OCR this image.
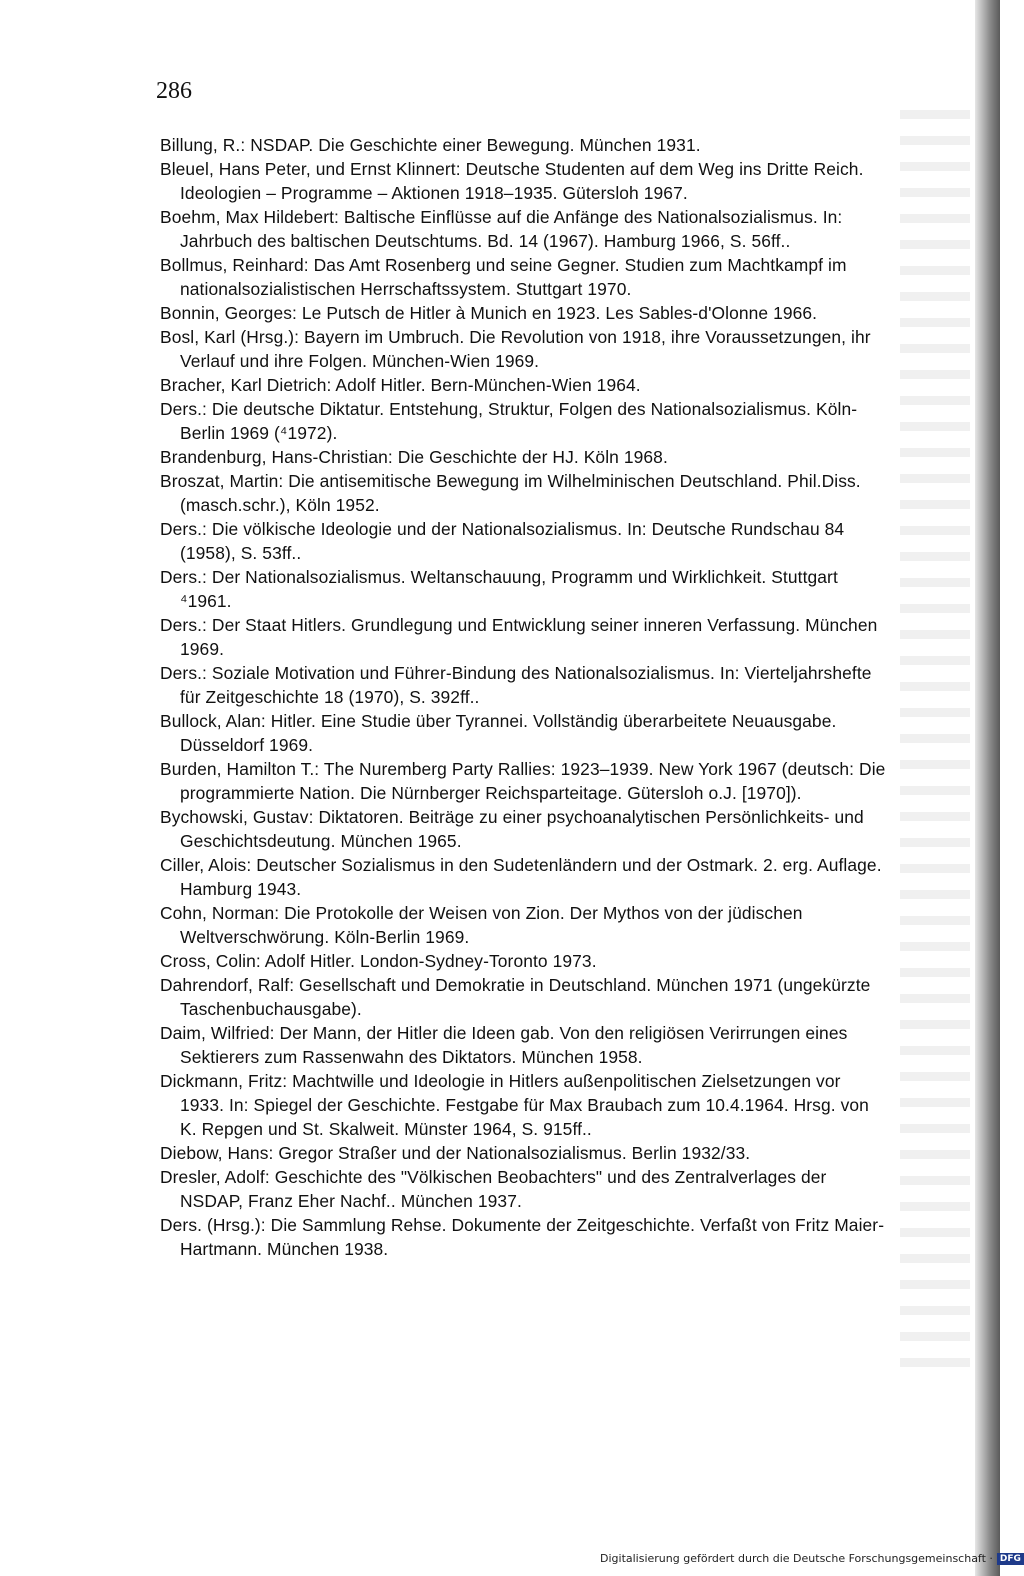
286
Billung, R.: NSDAP. Die Geschichte einer Bewegung. München 1931.
Bleuel, Hans Peter, und Ernst Klinnert: Deutsche Studenten auf dem Weg ins Dritte Reich. Ideologien – Programme – Aktionen 1918–1935. Gütersloh 1967.
Boehm, Max Hildebert: Baltische Einflüsse auf die Anfänge des Nationalsozialismus. In: Jahrbuch des baltischen Deutschtums. Bd. 14 (1967). Hamburg 1966, S. 56ff..
Bollmus, Reinhard: Das Amt Rosenberg und seine Gegner. Studien zum Machtkampf im nationalsozialistischen Herrschaftssystem. Stuttgart 1970.
Bonnin, Georges: Le Putsch de Hitler à Munich en 1923. Les Sables-d'Olonne 1966.
Bosl, Karl (Hrsg.): Bayern im Umbruch. Die Revolution von 1918, ihre Voraussetzungen, ihr Verlauf und ihre Folgen. München-Wien 1969.
Bracher, Karl Dietrich: Adolf Hitler. Bern-München-Wien 1964.
Ders.: Die deutsche Diktatur. Entstehung, Struktur, Folgen des Nationalsozialismus. Köln-Berlin 1969 (⁴1972).
Brandenburg, Hans-Christian: Die Geschichte der HJ. Köln 1968.
Broszat, Martin: Die antisemitische Bewegung im Wilhelminischen Deutschland. Phil.Diss. (masch.schr.), Köln 1952.
Ders.: Die völkische Ideologie und der Nationalsozialismus. In: Deutsche Rundschau 84 (1958), S. 53ff..
Ders.: Der Nationalsozialismus. Weltanschauung, Programm und Wirklichkeit. Stuttgart ⁴1961.
Ders.: Der Staat Hitlers. Grundlegung und Entwicklung seiner inneren Verfassung. München 1969.
Ders.: Soziale Motivation und Führer-Bindung des Nationalsozialismus. In: Vierteljahrshefte für Zeitgeschichte 18 (1970), S. 392ff..
Bullock, Alan: Hitler. Eine Studie über Tyrannei. Vollständig überarbeitete Neuausgabe. Düsseldorf 1969.
Burden, Hamilton T.: The Nuremberg Party Rallies: 1923–1939. New York 1967 (deutsch: Die programmierte Nation. Die Nürnberger Reichsparteitage. Gütersloh o.J. [1970]).
Bychowski, Gustav: Diktatoren. Beiträge zu einer psychoanalytischen Persönlichkeits- und Geschichtsdeutung. München 1965.
Ciller, Alois: Deutscher Sozialismus in den Sudetenländern und der Ostmark. 2. erg. Auflage. Hamburg 1943.
Cohn, Norman: Die Protokolle der Weisen von Zion. Der Mythos von der jüdischen Weltverschwörung. Köln-Berlin 1969.
Cross, Colin: Adolf Hitler. London-Sydney-Toronto 1973.
Dahrendorf, Ralf: Gesellschaft und Demokratie in Deutschland. München 1971 (ungekürzte Taschenbuchausgabe).
Daim, Wilfried: Der Mann, der Hitler die Ideen gab. Von den religiösen Verirrungen eines Sektierers zum Rassenwahn des Diktators. München 1958.
Dickmann, Fritz: Machtwille und Ideologie in Hitlers außenpolitischen Zielsetzungen vor 1933. In: Spiegel der Geschichte. Festgabe für Max Braubach zum 10.4.1964. Hrsg. von K. Repgen und St. Skalweit. Münster 1964, S. 915ff..
Diebow, Hans: Gregor Straßer und der Nationalsozialismus. Berlin 1932/33.
Dresler, Adolf: Geschichte des "Völkischen Beobachters" und des Zentralverlages der NSDAP, Franz Eher Nachf.. München 1937.
Ders. (Hrsg.): Die Sammlung Rehse. Dokumente der Zeitgeschichte. Verfaßt von Fritz Maier-Hartmann. München 1938.
Digitalisierung gefördert durch die Deutsche Forschungsgemeinschaft · DFG
